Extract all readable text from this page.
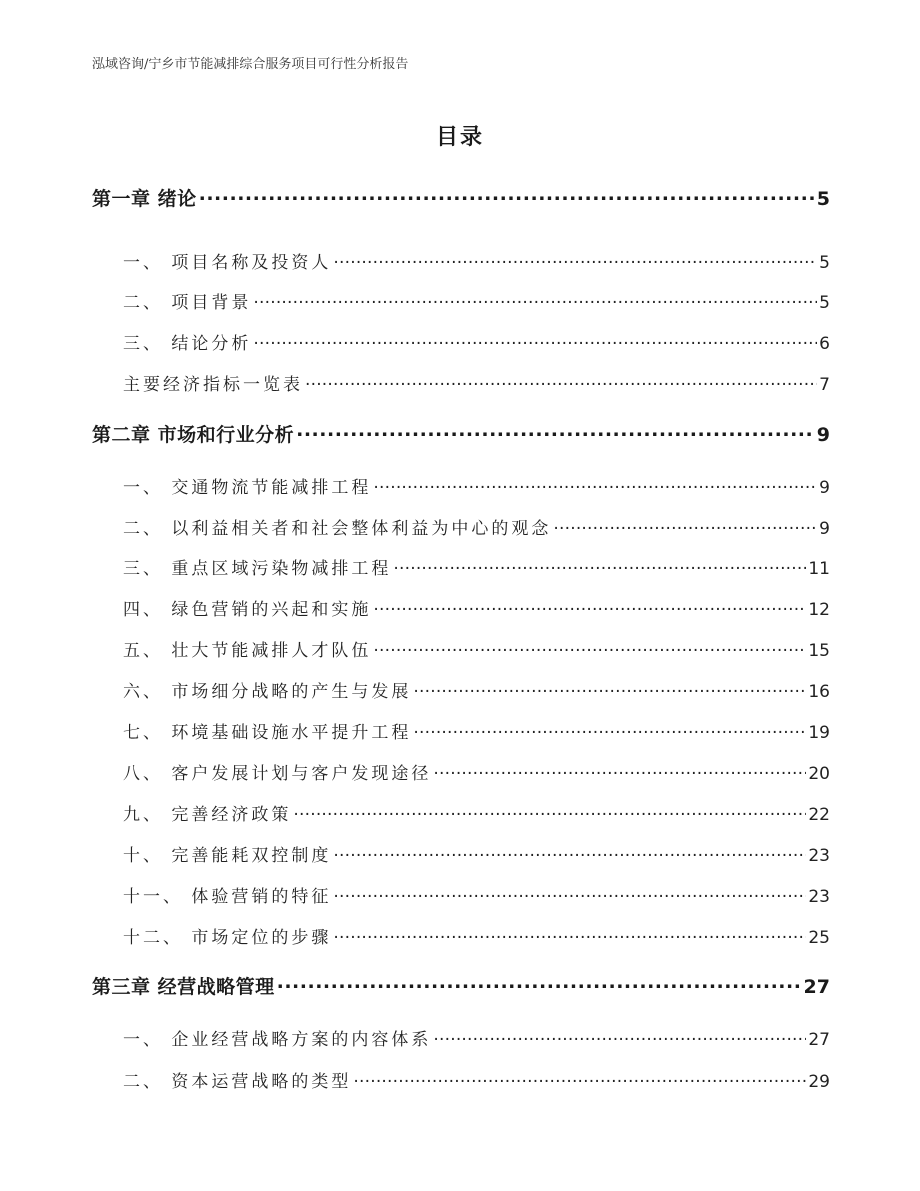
泓域咨询/宁乡市节能减排综合服务项目可行性分析报告
目录
第一章 绪论 .....	5
一、 项目名称及投资人 .....	5
二、 项目背景 .....	5
三、 结论分析 .....	6
主要经济指标一览表 .....	7
第二章 市场和行业分析 .....	9
一、 交通物流节能减排工程 .....	9
二、 以利益相关者和社会整体利益为中心的观念 .....	9
三、 重点区域污染物减排工程 .....	11
四、 绿色营销的兴起和实施 .....	12
五、 壮大节能减排人才队伍 .....	15
六、 市场细分战略的产生与发展 .....	16
七、 环境基础设施水平提升工程 .....	19
八、 客户发展计划与客户发现途径 .....	20
九、 完善经济政策 .....	22
十、 完善能耗双控制度 .....	23
十一、 体验营销的特征 .....	23
十二、 市场定位的步骤 .....	25
第三章 经营战略管理 .....	27
一、 企业经营战略方案的内容体系 .....	27
二、 资本运营战略的类型 .....	29
